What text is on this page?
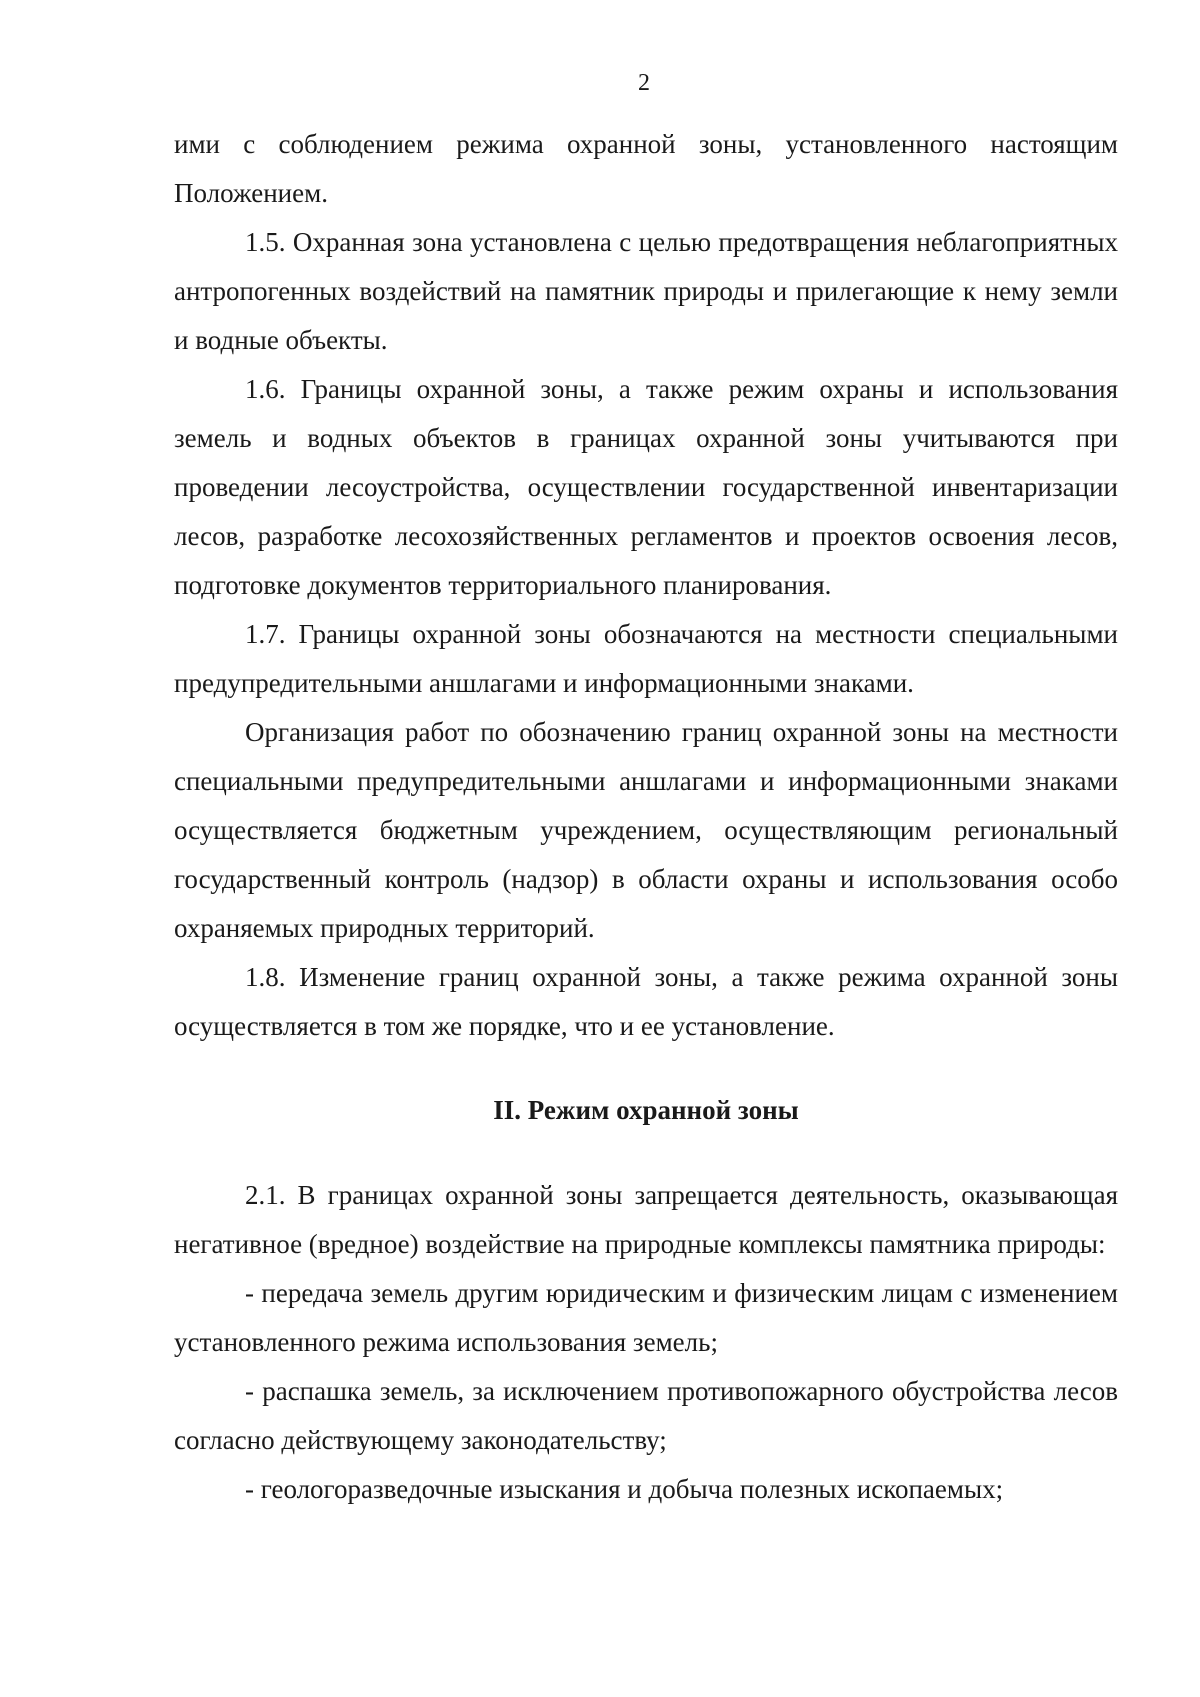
2

ими с соблюдением режима охранной зоны, установленного настоящим Положением.

1.5. Охранная зона установлена с целью предотвращения неблагоприятных антропогенных воздействий на памятник природы и прилегающие к нему земли и водные объекты.

1.6. Границы охранной зоны, а также режим охраны и использования земель и водных объектов в границах охранной зоны учитываются при проведении лесоустройства, осуществлении государственной инвентаризации лесов, разработке лесохозяйственных регламентов и проектов освоения лесов, подготовке документов территориального планирования.

1.7. Границы охранной зоны обозначаются на местности специальными предупредительными аншлагами и информационными знаками.

Организация работ по обозначению границ охранной зоны на местности специальными предупредительными аншлагами и информационными знаками осуществляется бюджетным учреждением, осуществляющим региональный государственный контроль (надзор) в области охраны и использования особо охраняемых природных территорий.

1.8. Изменение границ охранной зоны, а также режима охранной зоны осуществляется в том же порядке, что и ее установление.

II. Режим охранной зоны

2.1. В границах охранной зоны запрещается деятельность, оказывающая негативное (вредное) воздействие на природные комплексы памятника природы:

- передача земель другим юридическим и физическим лицам с изменением установленного режима использования земель;

- распашка земель, за исключением противопожарного обустройства лесов согласно действующему законодательству;

- геологоразведочные изыскания и добыча полезных ископаемых;
